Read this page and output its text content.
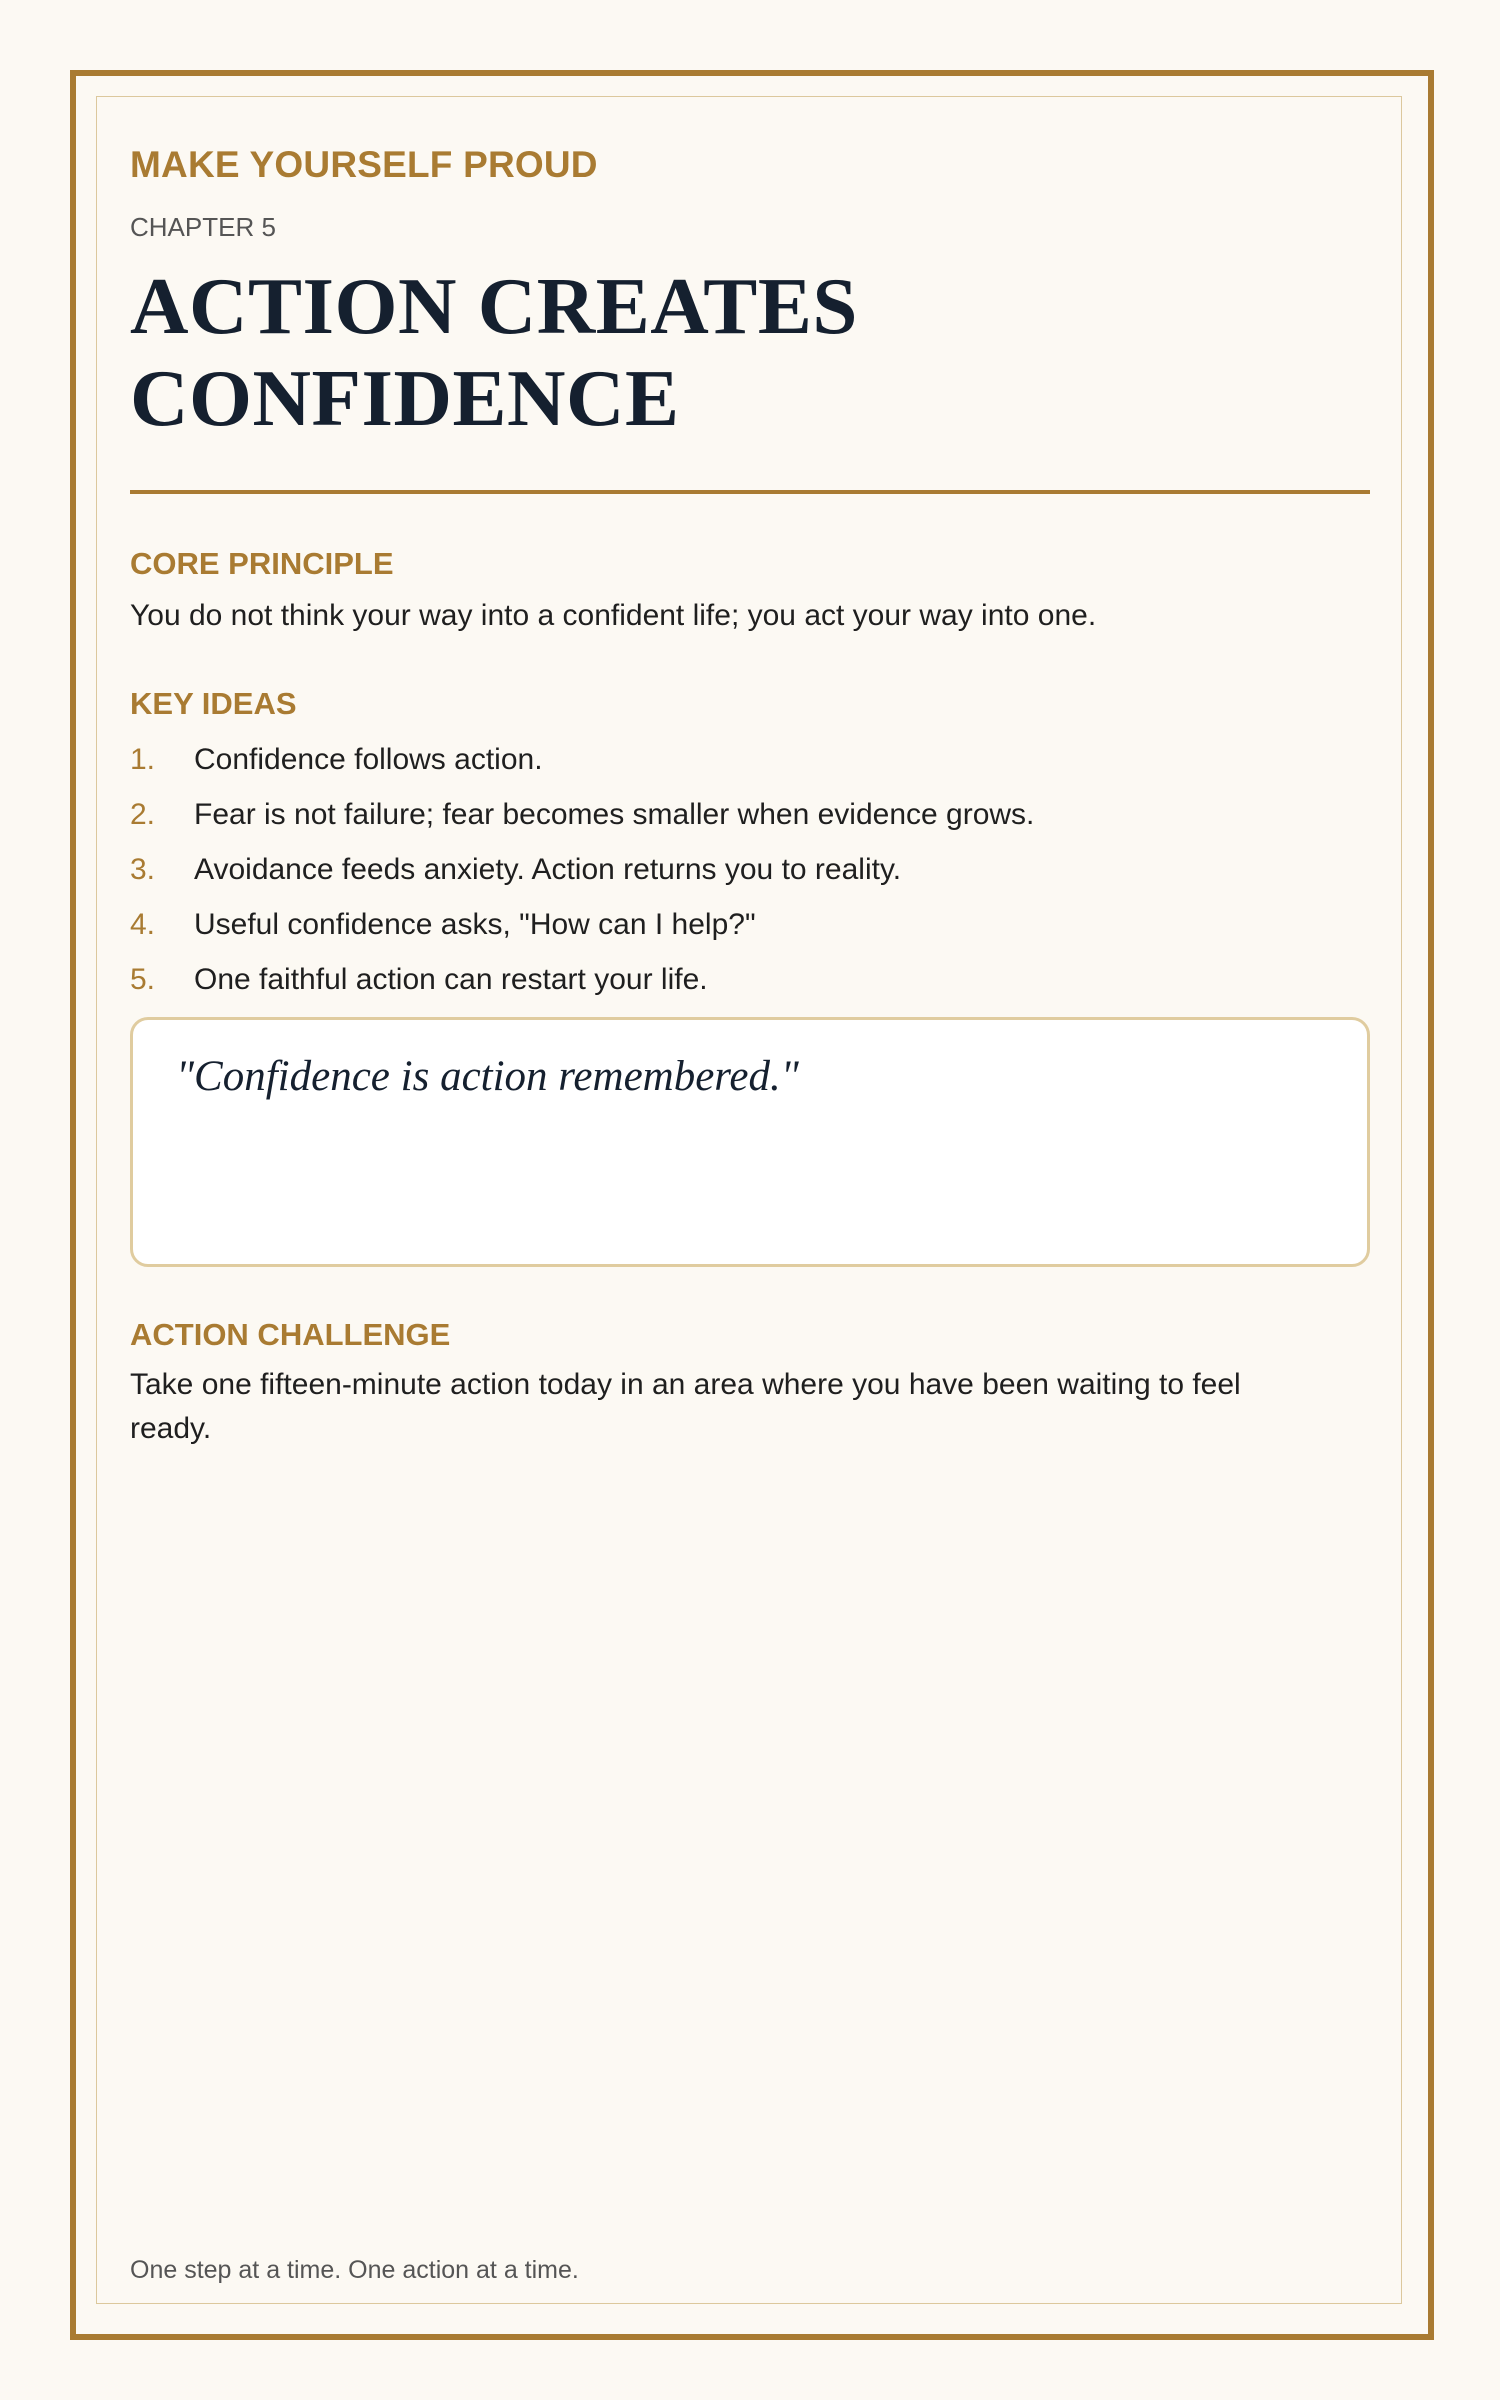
MAKE YOURSELF PROUD
CHAPTER 5
ACTION CREATES CONFIDENCE
CORE PRINCIPLE
You do not think your way into a confident life; you act your way into one.
KEY IDEAS
1.	Confidence follows action.
2.	Fear is not failure; fear becomes smaller when evidence grows.
3.	Avoidance feeds anxiety. Action returns you to reality.
4.	Useful confidence asks, "How can I help?"
5.	One faithful action can restart your life.
"Confidence is action remembered."
ACTION CHALLENGE
Take one fifteen-minute action today in an area where you have been waiting to feel ready.
One step at a time. One action at a time.
